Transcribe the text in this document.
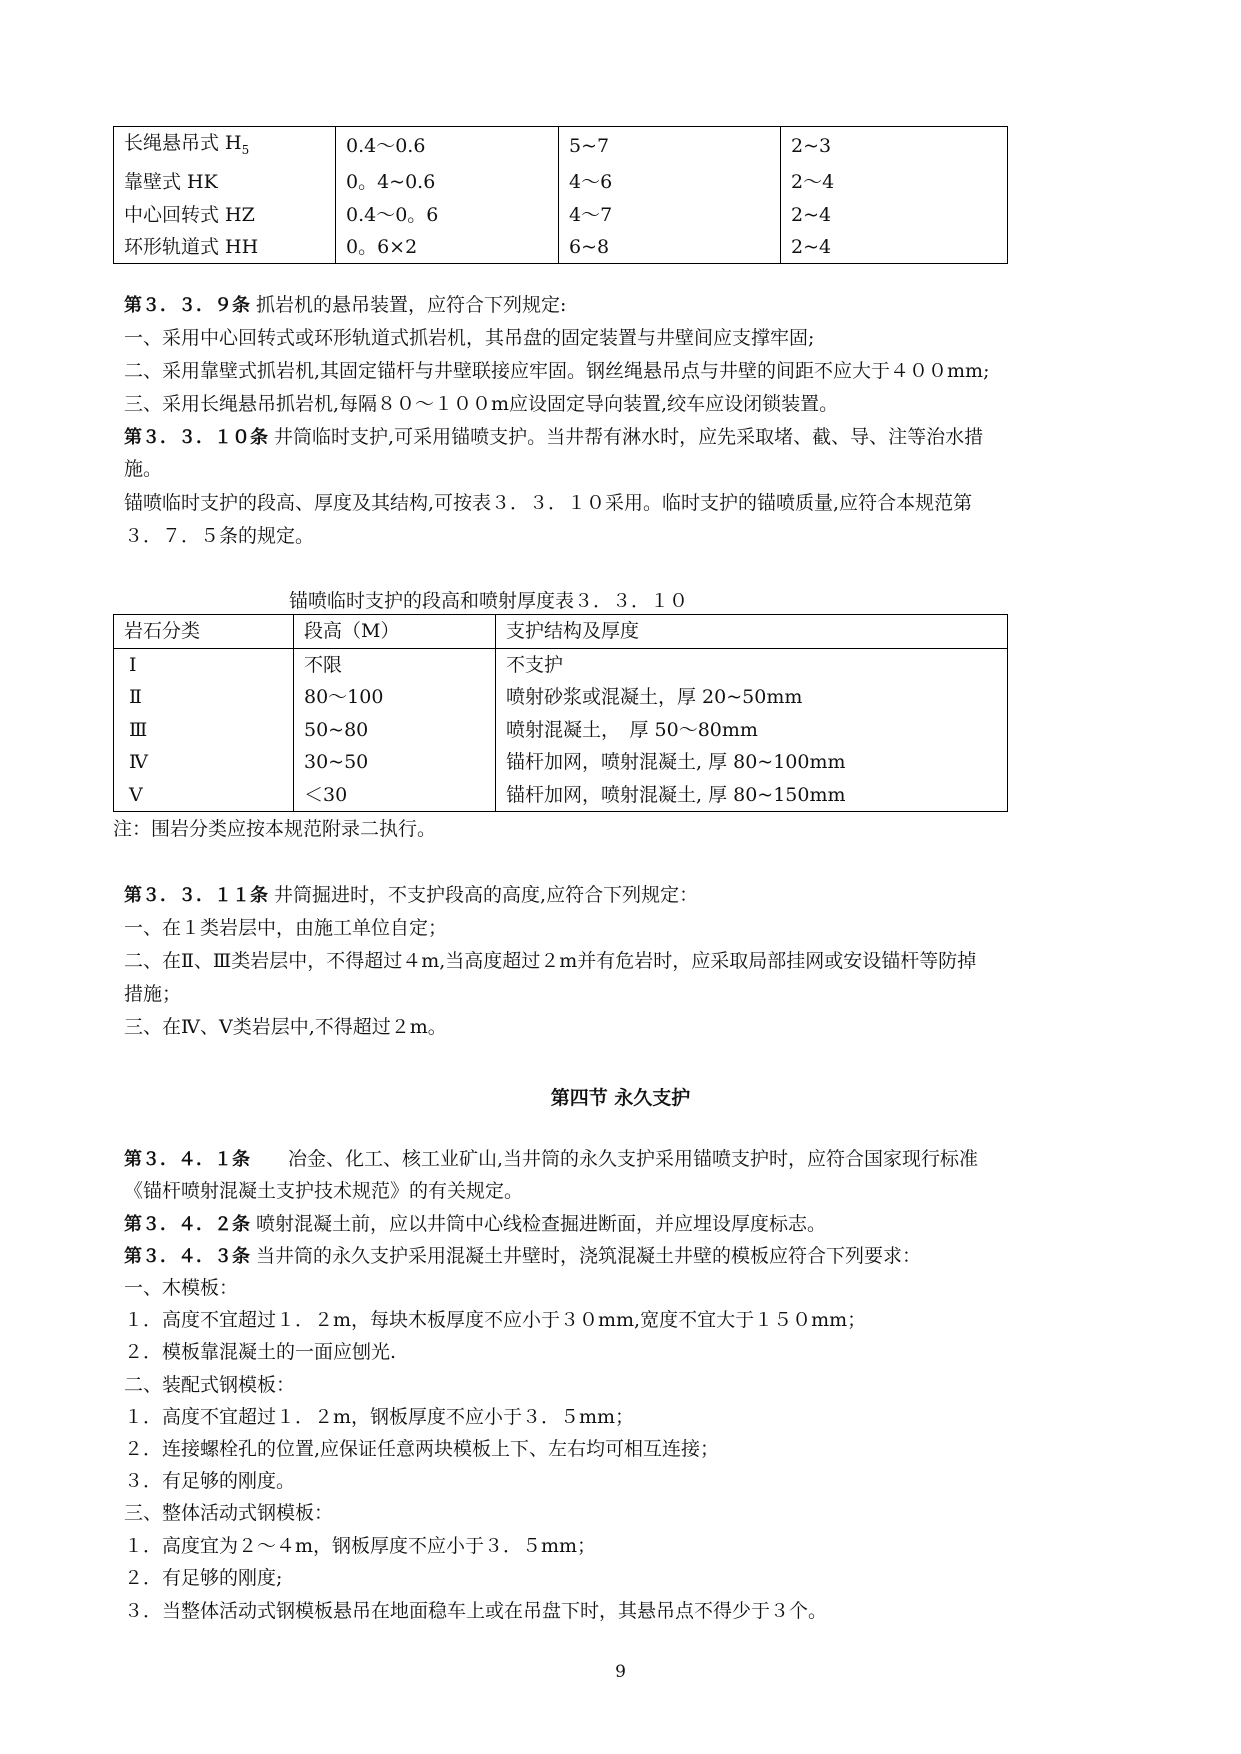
长绳悬吊式 $H_5$	0.4～0.6	5~7	2~3
靠壁式 HK	0。4~0.6	4～6	2～4
中心回转式 HZ	0.4～0。6	4～7	2~4
环形轨道式 HH	0。6×2	6~8	2~4
第３．３．９条 抓岩机的悬吊装置，应符合下列规定:
一、采用中心回转式或环形轨道式抓岩机，其吊盘的固定装置与井壁间应支撑牢固;
二、采用靠壁式抓岩机,其固定锚杆与井壁联接应牢固。钢丝绳悬吊点与井壁的间距不应大于４００mm;
三、采用长绳悬吊抓岩机,每隔８０～１００m应设固定导向装置,绞车应设闭锁装置。
第３．３．１０条 井筒临时支护,可采用锚喷支护。当井帮有淋水时，应先采取堵、截、导、注等治水措
施。
锚喷临时支护的段高、厚度及其结构,可按表３．３．１０采用。临时支护的锚喷质量,应符合本规范第
３．７．５条的规定。
锚喷临时支护的段高和喷射厚度表３．３．１０
岩石分类	段高（M）	支护结构及厚度
Ⅰ	不限	不支护
Ⅱ	80～100	喷射砂浆或混凝土，厚 20~50mm
Ⅲ	50~80	喷射混凝土，　厚 50～80mm
Ⅳ	30~50	锚杆加网，喷射混凝土, 厚 80~100mm
Ⅴ	＜30	锚杆加网，喷射混凝土, 厚 80~150mm
注：围岩分类应按本规范附录二执行。
第３．３．１１条 井筒掘进时，不支护段高的高度,应符合下列规定：
一、在１类岩层中，由施工单位自定；
二、在Ⅱ、Ⅲ类岩层中，不得超过４m,当高度超过２m并有危岩时，应采取局部挂网或安设锚杆等防掉
措施；
三、在Ⅳ、Ⅴ类岩层中,不得超过２m。
第四节 永久支护
第３．４．１条　　冶金、化工、核工业矿山,当井筒的永久支护采用锚喷支护时，应符合国家现行标准
《锚杆喷射混凝土支护技术规范》的有关规定。
第３．４．２条 喷射混凝土前，应以井筒中心线检查掘进断面，并应埋设厚度标志。
第３．４．３条 当井筒的永久支护采用混凝土井壁时，浇筑混凝土井壁的模板应符合下列要求：
一、木模板：
１．高度不宜超过１．２m，每块木板厚度不应小于３０mm,宽度不宜大于１５０mm；
２．模板靠混凝土的一面应刨光.
二、装配式钢模板：
１．高度不宜超过１．２m，钢板厚度不应小于３．５mm；
２．连接螺栓孔的位置,应保证任意两块模板上下、左右均可相互连接；
３．有足够的刚度。
三、整体活动式钢模板：
１．高度宜为２～４m，钢板厚度不应小于３．５mm；
２．有足够的刚度;
３．当整体活动式钢模板悬吊在地面稳车上或在吊盘下时，其悬吊点不得少于３个。
9
